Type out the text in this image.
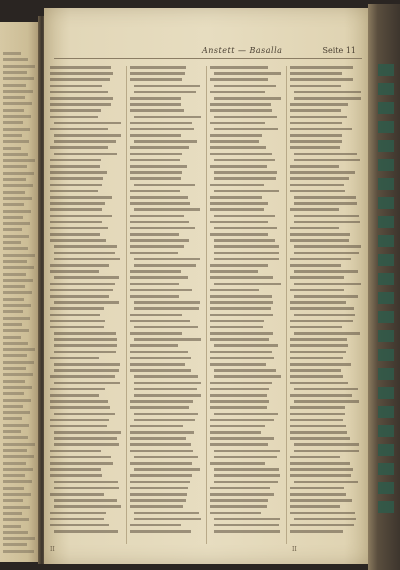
Anstett — Basalla	Seite 11
II	II
